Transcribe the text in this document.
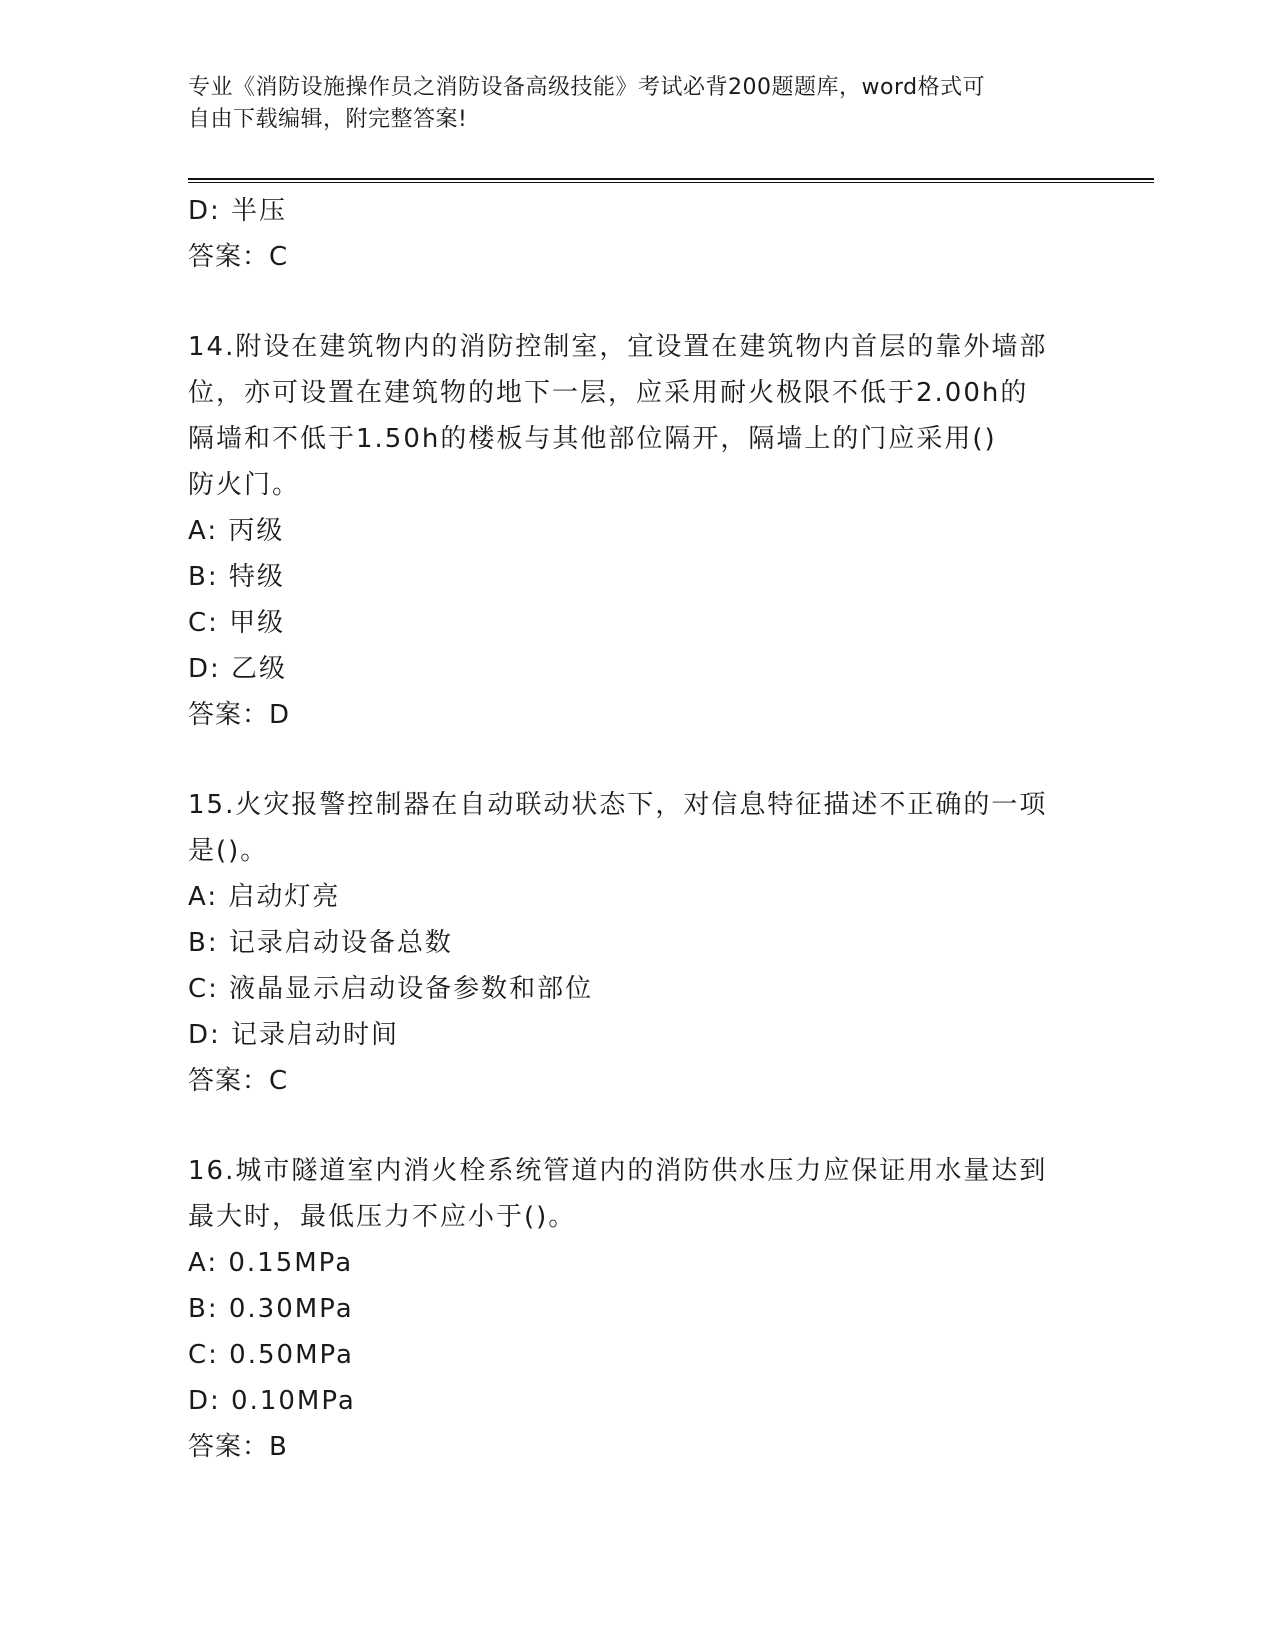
专业《消防设施操作员之消防设备高级技能》考试必背200题题库，word格式可
自由下载编辑，附完整答案!
D: 半压
答案：C
14.附设在建筑物内的消防控制室，宜设置在建筑物内首层的靠外墙部
位，亦可设置在建筑物的地下一层，应采用耐火极限不低于2.00h的
隔墙和不低于1.50h的楼板与其他部位隔开，隔墙上的门应采用()
防火门。
A: 丙级
B: 特级
C: 甲级
D: 乙级
答案：D
15.火灾报警控制器在自动联动状态下，对信息特征描述不正确的一项
是()。
A: 启动灯亮
B: 记录启动设备总数
C: 液晶显示启动设备参数和部位
D: 记录启动时间
答案：C
16.城市隧道室内消火栓系统管道内的消防供水压力应保证用水量达到
最大时，最低压力不应小于()。
A: 0.15MPa
B: 0.30MPa
C: 0.50MPa
D: 0.10MPa
答案：B
